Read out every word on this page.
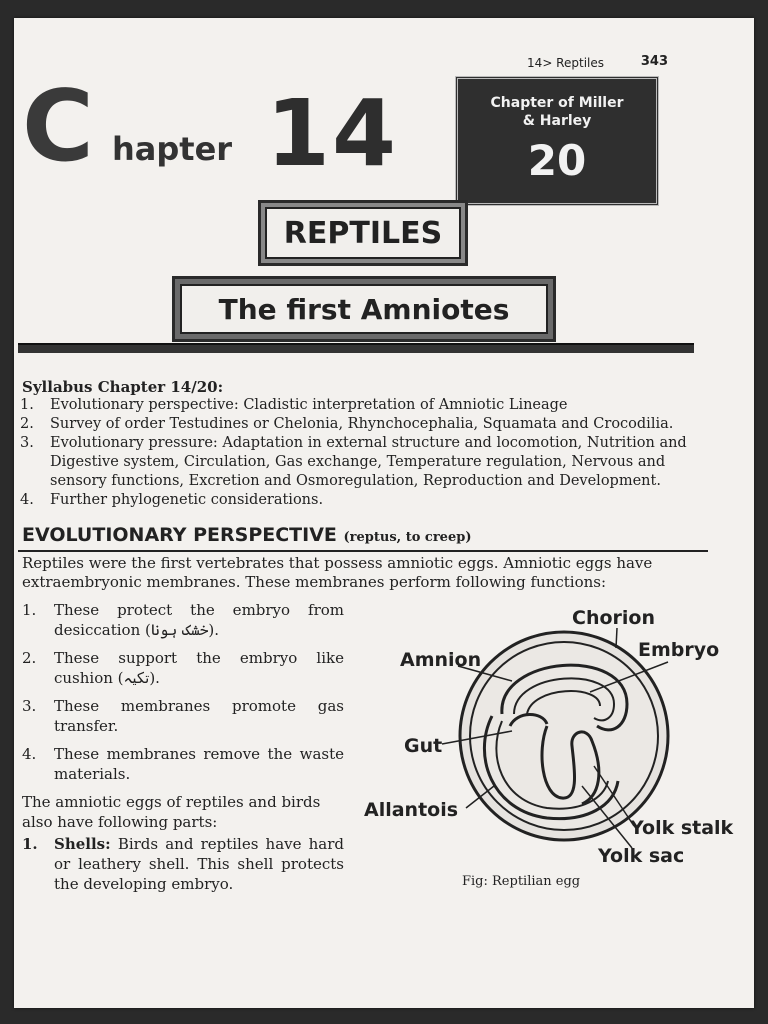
14> Reptiles	343
C hapter 14	Chapter of Miller
& Harley
20
REPTILES
The first Amniotes
Syllabus Chapter 14/20:
1.	Evolutionary perspective: Cladistic interpretation of Amniotic Lineage
2.	Survey of order Testudines or Chelonia, Rhynchocephalia, Squamata and Crocodilia.
3.	Evolutionary pressure: Adaptation in external structure and locomotion, Nutrition and Digestive system, Circulation, Gas exchange, Temperature regulation, Nervous and sensory functions, Excretion and Osmoregulation, Reproduction and Development.
4.	Further phylogenetic considerations.
EVOLUTIONARY PERSPECTIVE (reptus, to creep)
Reptiles were the first vertebrates that possess amniotic eggs. Amniotic eggs have extraembryonic membranes. These membranes perform following functions:
1.	These protect the embryo from desiccation (خشک ہونا).
2.	These support the embryo like cushion (تکیہ).
3.	These membranes promote gas transfer.
4.	These membranes remove the waste materials.
The amniotic eggs of reptiles and birds also have following parts:
1.	Shells: Birds and reptiles have hard or leathery shell. This shell protects the developing embryo.
Chorion
Embryo
Amnion
Gut
Allantois
Yolk stalk
Yolk sac
Fig: Reptilian egg
